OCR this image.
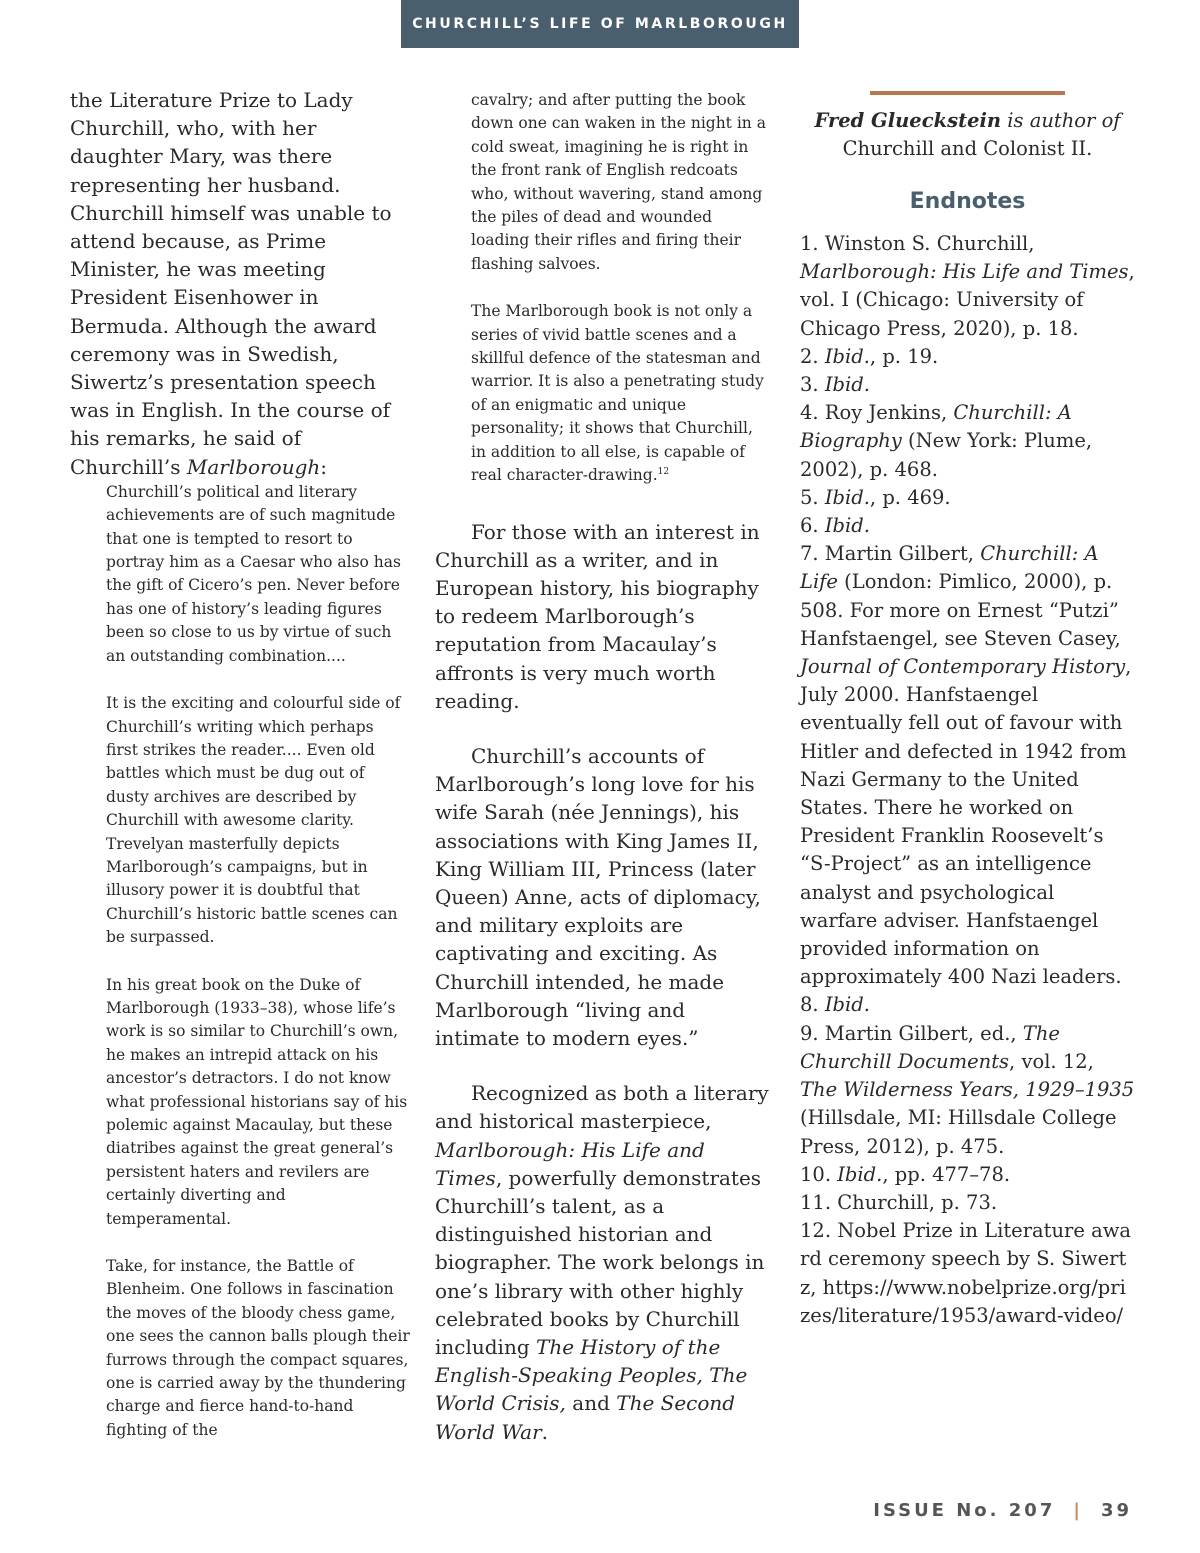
CHURCHILL’S LIFE OF MARLBOROUGH

the Literature Prize to Lady Churchill, who, with her daughter Mary, was there representing her husband. Churchill himself was unable to attend because, as Prime Minister, he was meeting President Eisenhower in Bermuda. Although the award ceremony was in Swedish, Siwertz’s presentation speech was in English. In the course of his remarks, he said of Churchill’s Marlborough:

Churchill’s political and literary achievements are of such magnitude that one is tempted to resort to portray him as a Caesar who also has the gift of Cicero’s pen. Never before has one of history’s leading figures been so close to us by virtue of such an outstanding combination....

It is the exciting and colourful side of Churchill’s writing which perhaps first strikes the reader.... Even old battles which must be dug out of dusty archives are described by Churchill with awesome clarity. Trevelyan masterfully depicts Marlborough’s campaigns, but in illusory power it is doubtful that Churchill’s historic battle scenes can be surpassed.

In his great book on the Duke of Marlborough (1933–38), whose life’s work is so similar to Churchill’s own, he makes an intrepid attack on his ancestor’s detractors. I do not know what professional historians say of his polemic against Macaulay, but these diatribes against the great general’s persistent haters and revilers are certainly diverting and temperamental.

Take, for instance, the Battle of Blenheim. One follows in fascination the moves of the bloody chess game, one sees the cannon balls plough their furrows through the compact squares, one is carried away by the thundering charge and fierce hand-to-hand fighting of the

cavalry; and after putting the book down one can waken in the night in a cold sweat, imagining he is right in the front rank of English redcoats who, without wavering, stand among the piles of dead and wounded loading their rifles and firing their flashing salvoes.

The Marlborough book is not only a series of vivid battle scenes and a skillful defence of the statesman and warrior. It is also a penetrating study of an enigmatic and unique personality; it shows that Churchill, in addition to all else, is capable of real character-drawing.$^{12}$

For those with an interest in Churchill as a writer, and in European history, his biography to redeem Marlborough’s reputation from Macaulay’s affronts is very much worth reading.

Churchill’s accounts of Marlborough’s long love for his wife Sarah (née Jennings), his associations with King James II, King William III, Princess (later Queen) Anne, acts of diplomacy, and military exploits are captivating and exciting. As Churchill intended, he made Marlborough “living and intimate to modern eyes.”

Recognized as both a literary and historical masterpiece, Marlborough: His Life and Times, powerfully demonstrates Churchill’s talent, as a distinguished historian and biographer. The work belongs in one’s library with other highly celebrated books by Churchill including The History of the English-Speaking Peoples, The World Crisis, and The Second World War.

Fred Glueckstein is author of Churchill and Colonist II.

Endnotes

1. Winston S. Churchill, Marlborough: His Life and Times, vol. I (Chicago: University of Chicago Press, 2020), p. 18.

2. Ibid., p. 19.

3. Ibid.

4. Roy Jenkins, Churchill: A Biography (New York: Plume, 2002), p. 468.

5. Ibid., p. 469.

6. Ibid.

7. Martin Gilbert, Churchill: A Life (London: Pimlico, 2000), p. 508. For more on Ernest “Putzi” Hanfstaengel, see Steven Casey, Journal of Contemporary History, July 2000. Hanfstaengel eventually fell out of favour with Hitler and defected in 1942 from Nazi Germany to the United States. There he worked on President Franklin Roosevelt’s “S-Project” as an intelligence analyst and psychological warfare adviser. Hanfstaengel provided information on approximately 400 Nazi leaders.

8. Ibid.

9. Martin Gilbert, ed., The Churchill Documents, vol. 12, The Wilderness Years, 1929–1935 (Hillsdale, MI: Hillsdale College Press, 2012), p. 475.

10. Ibid., pp. 477–78.

11. Churchill, p. 73.

12. Nobel Prize in Literature award ceremony speech by S. Siwertz, https://www.nobelprize.org/prizes/literature/1953/award-video/

ISSUE No. 207 | 39
